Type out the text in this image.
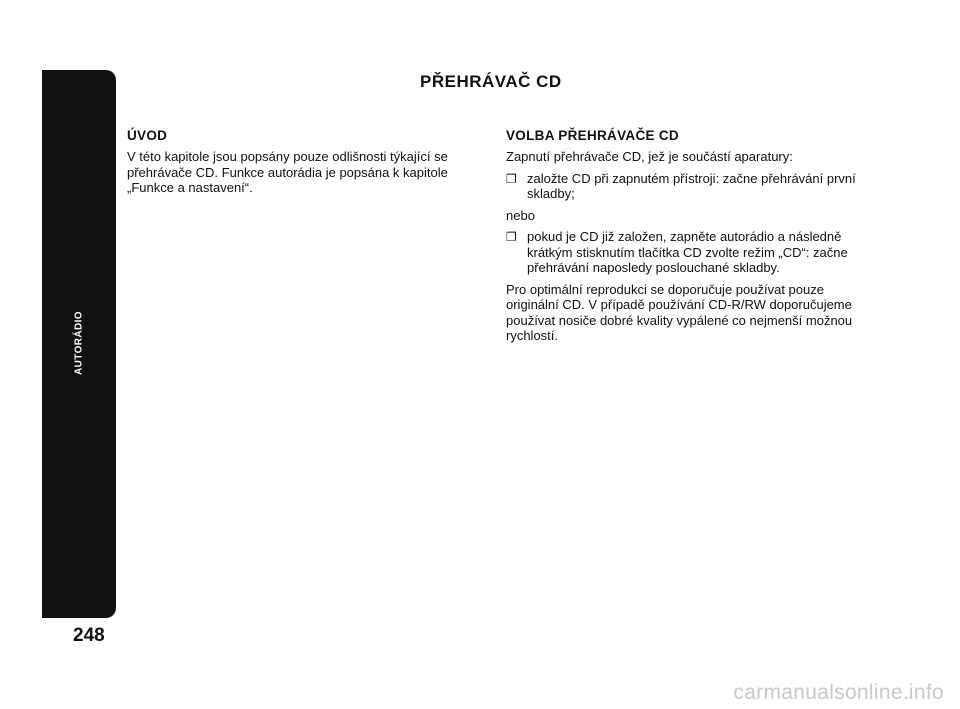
AUTORÁDIO
248
PŘEHRÁVAČ CD
ÚVOD

V této kapitole jsou popsány pouze odlišnosti týkající se přehrávače CD. Funkce autorádia je popsána k kapitole „Funkce a nastavení“.

VOLBA PŘEHRÁVAČE CD

Zapnutí přehrávače CD, jež je součástí aparatury:

❐ založte CD při zapnutém přístroji: začne přehrávání první skladby;

nebo

❐ pokud je CD již založen, zapněte autorádio a následně krátkým stisknutím tlačítka CD zvolte režim „CD“: začne přehrávání naposledy poslouchané skladby.

Pro optimální reprodukci se doporučuje používat pouze originální CD. V případě používání CD-R/RW doporučujeme používat nosiče dobré kvality vypálené co nejmenší možnou rychlostí.

carmanualsonline.info
